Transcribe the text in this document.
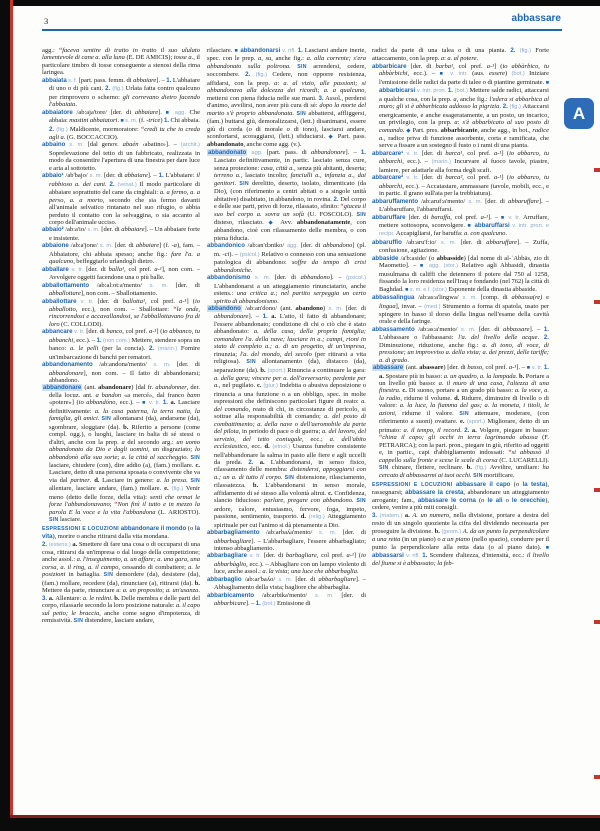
3	abbassare
A

agg.: “faceva sentire di tratto in tratto il suo ululato lamentevole di cane a. alla luna (E. DE AMICIS); tosse a., il particolare timbro di tosse conseguente a stenosi della rima laringea.

abbaiata s. f. [part. pass. femm. di abbaiare]. – 1. L'abbaiare di uno o di più cani. 2. (fig.) Urlata fatta contro qualcuno per rimprovero o scherno: gli correvano dietro facendo l'abbaiata.

abbaiatore /ab:aja'tore/ [der. di abbaiare]. ■ agg. Che abbaia: mastini abbaiatori. ■ s. m. (f. -trice) 1. Chi abbaia. 2. (fig.) Maldicente, mormoratore: “credi tu che io creda agli a. (G. BOCCACCIO).

abbaino s. m. [dal genov. abaén ‹abatino›]. – (archit.) Soprelevazione del tetto di un fabbricato, realizzata in modo da consentire l'apertura di una finestra per dare luce e aria al sottotetto.

abbaio¹ /ab'bajo/ s. m. [der. di abbaiare]. – 1. L'abbaiare: il rabbioso a. dei cani. 2. (venat.) Il modo particolare di abbaiare soprattutto del cane da cinghiali: a. a fermo, a. a perso, a. a morto, secondo che sia fermo davanti all'animale selvatico rintanato nel suo rifugio, o abbia perduto il contatto con la selvaggina, o sia accanto al corpo dell'animale ucciso.

abbaio² /ab:a'io/ s. m. [der. di abbaiare]. – Un abbaiare forte e insistente.

abbaione /ab:a'jone/ s. m. [der. di abbaiare] (f. -a), fam. – Abbaiatore, chi abbaia spesso; anche fig.: fare l'a. a qualcuno, beffeggiarlo urlandogli dietro.

abballare v. tr. [der. di balla¹, col pref. a-¹], non com. – Avvolgere oggetti facendone una o più balle.

abballottamento /ab:al:ot:a'mento/ s. m. [der. di abballottare], non com. – Sballottamento.

abballottare v. tr. [der. di ballotta¹, col pref. a-¹] (io abballotto, ecc.), non com. – Sballottare: “le onde, rincorrendosi e accavallandosi, se l'abballottavano fra di loro (C. COLLODI).

abbancare v. tr. [der. di banco, col pref. a-¹] (io abbanco, tu abbanchi, ecc.). – 1. (non com.) Mettere, stendere sopra un banco: a. le pelli (per la concia). 2. (marin.) Fornire un'imbarcazione di banchi per rematori.

abbandonamento /ab:andona'mento/ s. m. [der. di abbandonare], non com. – Il fatto di abbandonarsi; abbandono.

abbandonare (ant. abandonare) [dal fr. abandonner, der. della locuz. ant. a bandon «a mercé», dal franco bann «potere»] (io abbandóno, ecc.). – ■ v. tr. 1. a. Lasciare definitivamente: a. la casa paterna, la terra natia, la famiglia, gli amici. SIN allontanarsi (da), andarsene (da), sgombrare, sloggiare (da). b. Riferito a persone (come compl. ogg.), o luoghi, lasciare in balia di sé stessi o d'altri, anche con la prep. a del secondo arg.: un uomo abbandonato da Dio e dagli uomini, un disgraziato; lo abbandonò alla sua sorte; a. la città al saccheggio. SIN lasciare, chiudere (con), dire addio (a), (fam.) mollare. c. Lasciare, detto di una persona sposata o convivente che va via dal partner. d. Lasciare in genere: a. la presa. SIN allentare, lasciare andare, (fam.) mollare. e. (fig.) Venir meno (detto delle forze, della vita): sentì che ormai le forze l'abbandonavano; “Non finì il tutto e in mezzo la parola E la voce e la vita l'abbandona (L. ARIOSTO). SIN lasciare.

ESPRESSIONI E LOCUZIONI abbandonare il mondo (o la vita), morire o anche ritirarsi dalla vita mondana.

2. (estens.) a. Smettere di fare una cosa o di occuparsi di una cosa, ritirarsi da un'impresa o dal luogo della competizione; anche assol.: a. l'inseguimento, a. un affare; a. una gara, una corsa, a. il ring, a. il campo, cessando di combattere; a. le posizioni in battaglia. SIN demordere (da), desistere (da), (fam.) mollare, recedere (da), rinunciare (a), ritirarsi (da). b. Mettere da parte, rinunciare a: a. un proposito; a. un'usanza. 3. a. Allentare: a. le redini. b. Delle membra e delle parti del corpo, rilassarle secondo la loro posizione naturale: a. il capo sul petto; le braccia, anche come segno d'impotenza, di remissività. SIN distendere, lasciare andare,

rilasciare. ■ abbandonarsi v. rifl. 1. Lasciarsi andare inerte, spec. con le prep. a, su, anche fig.: a. alla corrente; s'era abbandonato sulla poltrona. SIN arrendersi, cedere, soccombere. 2. (fig.) Cedere, non opporre resistenza, affidarsi, con la prep. a: a. al vizio, alle passioni; si abbandonava alla dolcezza dei ricordi; a. a qualcuno, mettersi con piena fiducia nelle sue mani. 3. Assol., perdersi d'animo, avvilirsi, non aver più cura di sé: dopo la morte del marito s'è proprio abbandonata. SIN abbattersi, affliggersi, (fam.) buttarsi giù, demoralizzarsi, (lett.) disanimarsi, essere giù di corda (o di morale o di tono), lasciarsi andare, sconfortarsi, scoraggiarsi, (lett.) sfiduciarsi. ◆ Part. pass. abbandonato, anche come agg. (v.).

abbandonato agg. [part. pass. di abbandonare]. – 1. Lasciato definitivamente, in partic. lasciato senza cure, senza protezione: casa, città a., senza più abitanti, deserta; terreno a., lasciato incolto; fanciulli a., infanzia a., dai genitori. SIN derelitto, deserto, isolato, dimenticato (da Dio), (con riferimento a centri abitati o a singole unità abitative) disabitato, in abbandono, in rovina. 2. Del corpo e delle sue parti, privo di forze, rilassato, sfinito: “giacea il suo bel corpo a. sovra un sofà (U. FOSCOLO). SIN disteso, rilasciato. ◆ Avv. abbandonatamente, con abbandono, cioè con rilassamento delle membra, o con piena fiducia.

abbandonico /ab:an'dɔniko/ agg. [der. di abbandono] (pl. m. -ci). – (psicol.) Relativo o connesso con una sensazione patologica di abbandono: soffre da tempo di crisi abbandoniche.

abbandonismo s. m. [der. di abbandono]. – (psicol.) L'abbandonarsi a un atteggiamento rinunciatario, anche estens.: una critica a.; nel partito serpeggia un certo spirito di abbandonismo.

abbandono /ab:an'dono/ (ant. abandono) s. m. [der. di abbandonare]. – 1. a. L'atto, il fatto di abbandonare; l'essere abbandonato; condizione di chi o ciò che è stato abbandonato: a. della casa, della propria famiglia; comandare l'a. della nave; lasciare in a.; campi, rioni in stato di completo a.; a. di un progetto, di un'impresa, rinunzia; l'a. del mondo, del secolo (per ritirarsi a vita religiosa). SIN allontanamento (da), distacco (da), separazione (da). b. (sport.) Rinuncia a continuare la gara: a. della gara; vincere per a. dell'avversario; perdente per a., nel pugilato. c. (giur.) Indebita o abusiva deposizione o rinuncia a una funzione o a un obbligo, spec. in molte espressioni che definiscono particolari figure di reato: a. del comando, reato di chi, in circostanze di pericolo, si sottrae alla responsabilità di comando; a. del posto di combattimento; a. della nave o dell'aeromobile da parte del pilota, in periodo di pace o di guerra; a. del lavoro, del servizio, del tetto coniugale, ecc.; a. dell'abito ecclesiastico, ecc. d. (etnol.) Usanza funebre consistente nell'abbandonare la salma in pasto alle fiere e agli uccelli da preda. 2. a. L'abbandonarsi, in senso fisico, rilassamento delle membra: distendersi, appoggiarsi con a.; un a. di tutto il corpo. SIN distensione, rilasciamento, rilassatezza. b. L'abbandonarsi in senso morale, affidamento di sé stesso alla volontà altrui. c. Confidenza, slancio fiducioso: parlare, pregare con abbandono. SIN ardore, calore, entusiasmo, fervore, foga, impeto, passione, sentimento, trasporto. d. (relig.) Atteggiamento spirituale per cui l'animo si dà pienamente a Dio.

abbarbagliamento /ab:arbaʎa'mento/ s. m. [der. di abbarbagliare]. – L'abbarbagliare, l'essere abbarbagliato; intenso abbagliamento.

abbarbagliare v. tr. [der. di barbagliare, col pref. a-¹] (io abbarbàglio, ecc.). – Abbagliare con un lampo violento di luce, anche assol.: a. la vista; una luce che abbarbaglia.

abbarbaglio /ab:ar'baʎo/ s. m. [der. di abbarbagliare]. – Abbagliamento della vista; bagliore che abbarbaglia.

abbarbicamento /ab:arbika'mento/ s. m. [der. di abbarbicare]. – 1. (bot.) Emissione di

radici da parte di una talea o di una pianta. 2. (fig.) Forte attaccamento, con la prep. a: a. al potere.

abbarbicare [der. di barba¹, col pref. a-¹] (io abbàrbico, tu abbàrbichi, ecc.). – ■ v. intr. (aus. essere) (bot.) Iniziare l'emissione delle radici da parte di talee o di piantine germinate. ■ abbarbicarsi v. intr. pron. 1. (bot.) Mettere salde radici, attaccarsi a qualche cosa, con la prep. a, anche fig.: l'edera si abbarbica al muro; gli si è abbarbicata addosso la pigrizia. 2. (fig.) Attaccarsi energicamente, e anche esageratamente, a un posto, un incarico, un privilegio, con la prep. a: s'è abbarbicato al suo posto di comando. ◆ Part. pres. abbarbicante, anche agg., in bot., radice a., radice priva di funzione assorbente, corta e ramificata, che serve a fissare a un sostegno il fusto o i rami di una pianta.

abbarcare¹ v. tr. [der. di barca¹, col pref. a-¹] (io abbarco, tu abbarchi, ecc.). – (marin.) Incurvare al fuoco tavole, piastre, lamiere, per adattarle alla forma degli scafi.

abbarcare² v. tr. [der. di barca², col pref. a-¹] (io abbarco, tu abbarchi, ecc.). – Accatastare, ammassare (tavole, mobili, ecc., e in partic. il grano sull'aia per la trebbiatura).

abbaruffamento /ab:aruf:a'mento/ s. m. [der. di abbaruffare]. – L'abbaruffare, l'abbaruffarsi.

abbaruffare [der. di baruffa, col pref. a-¹]. – ■ v. tr. Arruffare, mettere sottosopra, sconvolgere. ■ abbaruffarsi v. intr. pron. e recipr. Accapigliarsi, far baruffa: a. con qualcuno.

abbaruffio /ab:aru'f:io/ s. m. [der. di abbaruffare]. – Zuffa, confusione, agitazione.

abbaside /a'b:aside/ (o abbasside) [dal nome di al-ʿAbbās, zio di Maometto]. – ■ agg. (stor.) Relativo agli Abbasidi, dinastia musulmana di califfi che detennero il potere dal 750 al 1258, fissando la loro residenza nell'Iraq e fondando (nel 762) la città di Baghdad. ■ s. m. e f. (stor.) Esponente della dinastia abbaside.

abbassalingua /ab:as:a'lingwa/ s. m. [comp. di abbassa(re) e lingua], invar. – (med.) Strumento a forma di spatola, usato per spingere in basso il dorso della lingua nell'esame della cavità orale e della faringe.

abbassamento /ab:as:a'mento/ s. m. [der. di abbassare]. – 1. L'abbassare o l'abbassarsi: l'a. del livello delle acque. 2. Diminuzione, riduzione, anche fig.: a. di tono, di voce, di pressione; un improvviso a. della vista; a. dei prezzi, delle tariffe; a. di grado.

abbassare (ant. abassare) [der. di basso, col pref. a-¹]. – ■ v. tr. 1. a. Spostare più in basso: a. un quadro, a. la lampada. b. Portare a un livello più basso: a. il muro di una casa, l'altezza di una finestra. c. Di suono, portare a un grado più basso: a. la voce, a. la radio, ridurne il volume. d. Ridurre, diminuire di livello o di valore: a. la luce, la fiamma del gas; a. la moneta, i titoli, le azioni, ridurne il valore. SIN attenuare, moderare, (con riferimento a suoni) ovattare. e. (sport.) Migliorare, detto di un primato: a. il tempo, il record. 2. a. Volgere, piegare in basso: “china il capo; gli occhi in terra lagrimando abassa (F. PETRARCA); con la part. pron., piegare in giù, riferito ad oggetti e, in partic., capi d'abbigliamento indossati: “si abbassò il cappello sulla fronte e scese le scale di corsa (C. LUCARELLI). SIN chinare, flettere, reclinare. b. (fig.) Avvilire, umiliare: ha cercato di abbassarmi ai tuoi occhi. SIN mortificare.

ESPRESSIONI E LOCUZIONI abbassare il capo (o la testa), rassegnarsi; abbassare la cresta, abbandonare un atteggiamento arrogante; fam., abbassare le corna (o le ali o le orecchie), cedere, venire a più miti consigli.

3. (matem.) a. A. un numero, nella divisione, portare a destra del resto di un singolo quoziente la cifra del dividendo necessaria per proseguire la divisione. b. (geom.) A. da un punto la perpendicolare a una retta (in un piano) o a un piano (nello spazio), condurre per il punto la perpendicolare alla retta data (o al piano dato). ■ abbassarsi v. rifl. 1. Scendere d'altezza, d'intensità, ecc.: il livello del fiume si è abbassato; la feb-
